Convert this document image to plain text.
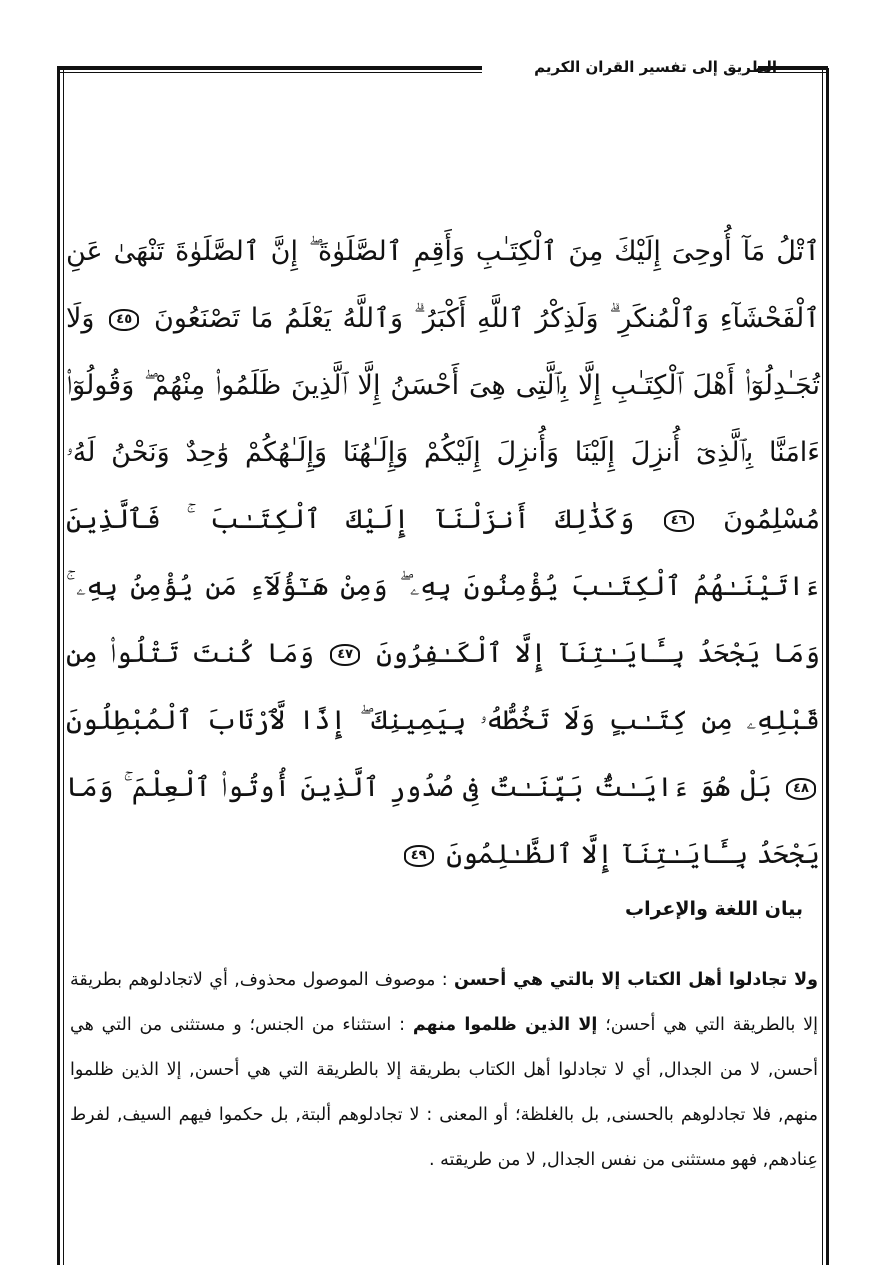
الطريق إلى تفسير القران الكريم

ٱتْلُ مَآ أُوحِىَ إِلَيْكَ مِنَ ٱلْكِتَـٰبِ وَأَقِمِ ٱلصَّلَوٰةَ ۖ إِنَّ ٱلصَّلَوٰةَ تَنْهَىٰ عَنِ ٱلْفَحْشَآءِ وَٱلْمُنكَرِ ۗ وَلَذِكْرُ ٱللَّهِ أَكْبَرُ ۗ وَٱللَّهُ يَعْلَمُ مَا تَصْنَعُونَ ٤٥ وَلَا تُجَـٰدِلُوٓا۟ أَهْلَ ٱلْكِتَـٰبِ إِلَّا بِٱلَّتِى هِىَ أَحْسَنُ إِلَّا ٱلَّذِينَ ظَلَمُوا۟ مِنْهُمْ ۖ وَقُولُوٓا۟ ءَامَنَّا بِٱلَّذِىٓ أُنزِلَ إِلَيْنَا وَأُنزِلَ إِلَيْكُمْ وَإِلَـٰهُنَا وَإِلَـٰهُكُمْ وَٰحِدٌ وَنَحْنُ لَهُۥ مُسْلِمُونَ ٤٦ وَكَذَٰلِكَ أَنزَلْنَآ إِلَيْكَ ٱلْكِتَـٰبَ ۚ فَٱلَّذِينَ ءَاتَيْنَـٰهُمُ ٱلْكِتَـٰبَ يُؤْمِنُونَ بِهِۦ ۖ وَمِنْ هَـٰٓؤُلَآءِ مَن يُؤْمِنُ بِهِۦ ۚ وَمَا يَجْحَدُ بِـَٔايَـٰتِنَآ إِلَّا ٱلْكَـٰفِرُونَ ٤٧ وَمَا كُنتَ تَتْلُوا۟ مِن قَبْلِهِۦ مِن كِتَـٰبٍ وَلَا تَخُطُّهُۥ بِيَمِينِكَ ۖ إِذًا لَّٱرْتَابَ ٱلْمُبْطِلُونَ ٤٨ بَلْ هُوَ ءَايَـٰتٌۢ بَيِّنَـٰتٌ فِى صُدُورِ ٱلَّذِينَ أُوتُوا۟ ٱلْعِلْمَ ۚ وَمَا يَجْحَدُ بِـَٔايَـٰتِنَآ إِلَّا ٱلظَّـٰلِمُونَ ٤٩

بيان اللغة والإعراب

ولا تجادلوا أهل الكتاب إلا بالتي هي أحسن : موصوف الموصول محذوف, أي لاتجادلوهم بطريقة إلا بالطريقة التي هي أحسن؛ إلا الذين ظلموا منهم : استثناء من الجنس؛ و مستثنى من التي هي أحسن, لا من الجدال, أي لا تجادلوا أهل الكتاب بطريقة إلا بالطريقة التي هي أحسن, إلا الذين ظلموا منهم, فلا تجادلوهم بالحسنى, بل بالغلظة؛ أو المعنى : لا تجادلوهم ألبتة, بل حكموا فيهم السيف, لفرط عِنادهم, فهو مستثنى من نفس الجدال, لا من طريقته .
